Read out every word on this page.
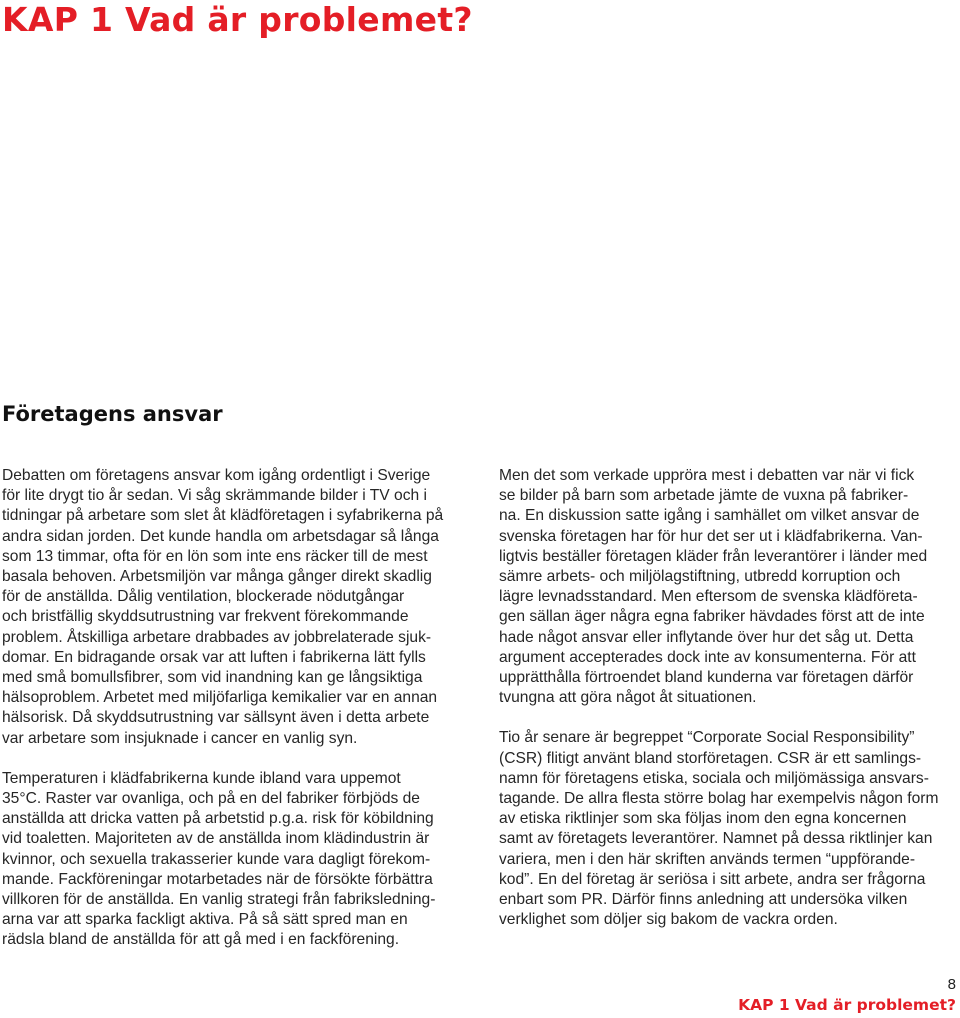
KAP 1 Vad är problemet?
Företagens ansvar

Debatten om företagens ansvar kom igång ordentligt i Sverige

för lite drygt tio år sedan. Vi såg skrämmande bilder i TV och i

tidningar på arbetare som slet åt klädföretagen i syfabrikerna på

andra sidan jorden. Det kunde handla om arbetsdagar så långa

som 13 timmar, ofta för en lön som inte ens räcker till de mest

basala behoven. Arbetsmiljön var många gånger direkt skadlig

för de anställda. Dålig ventilation, blockerade nödutgångar

och bristfällig skyddsutrustning var frekvent förekommande

problem. Åtskilliga arbetare drabbades av jobbrelaterade sjuk-

domar. En bidragande orsak var att luften i fabrikerna lätt fylls

med små bomullsfibrer, som vid inandning kan ge långsiktiga

hälsoproblem. Arbetet med miljöfarliga kemikalier var en annan

hälsorisk. Då skyddsutrustning var sällsynt även i detta arbete

var arbetare som insjuknade i cancer en vanlig syn.

Temperaturen i klädfabrikerna kunde ibland vara uppemot

35°C. Raster var ovanliga, och på en del fabriker förbjöds de

anställda att dricka vatten på arbetstid p.g.a. risk för köbildning

vid toaletten. Majoriteten av de anställda inom klädindustrin är

kvinnor, och sexuella trakasserier kunde vara dagligt förekom-

mande. Fackföreningar motarbetades när de försökte förbättra

villkoren för de anställda. En vanlig strategi från fabriksledning-

arna var att sparka fackligt aktiva. På så sätt spred man en

rädsla bland de anställda för att gå med i en fackförening.

Men det som verkade uppröra mest i debatten var när vi fick

se bilder på barn som arbetade jämte de vuxna på fabriker-

na. En diskussion satte igång i samhället om vilket ansvar de

svenska företagen har för hur det ser ut i klädfabrikerna. Van-

ligtvis beställer företagen kläder från leverantörer i länder med

sämre arbets- och miljölagstiftning, utbredd korruption och

lägre levnadsstandard. Men eftersom de svenska klädföreta-

gen sällan äger några egna fabriker hävdades först att de inte

hade något ansvar eller inflytande över hur det såg ut. Detta

argument accepterades dock inte av konsumenterna. För att

upprätthålla förtroendet bland kunderna var företagen därför

tvungna att göra något åt situationen.

Tio år senare är begreppet “Corporate Social Responsibility”

(CSR) flitigt använt bland storföretagen. CSR är ett samlings-

namn för företagens etiska, sociala och miljömässiga ansvars-

tagande. De allra flesta större bolag har exempelvis någon form

av etiska riktlinjer som ska följas inom den egna koncernen

samt av företagets leverantörer. Namnet på dessa riktlinjer kan

variera, men i den här skriften används termen “uppförande-

kod”. En del företag är seriösa i sitt arbete, andra ser frågorna

enbart som PR. Därför finns anledning att undersöka vilken

verklighet som döljer sig bakom de vackra orden.

8
KAP 1 Vad är problemet?
